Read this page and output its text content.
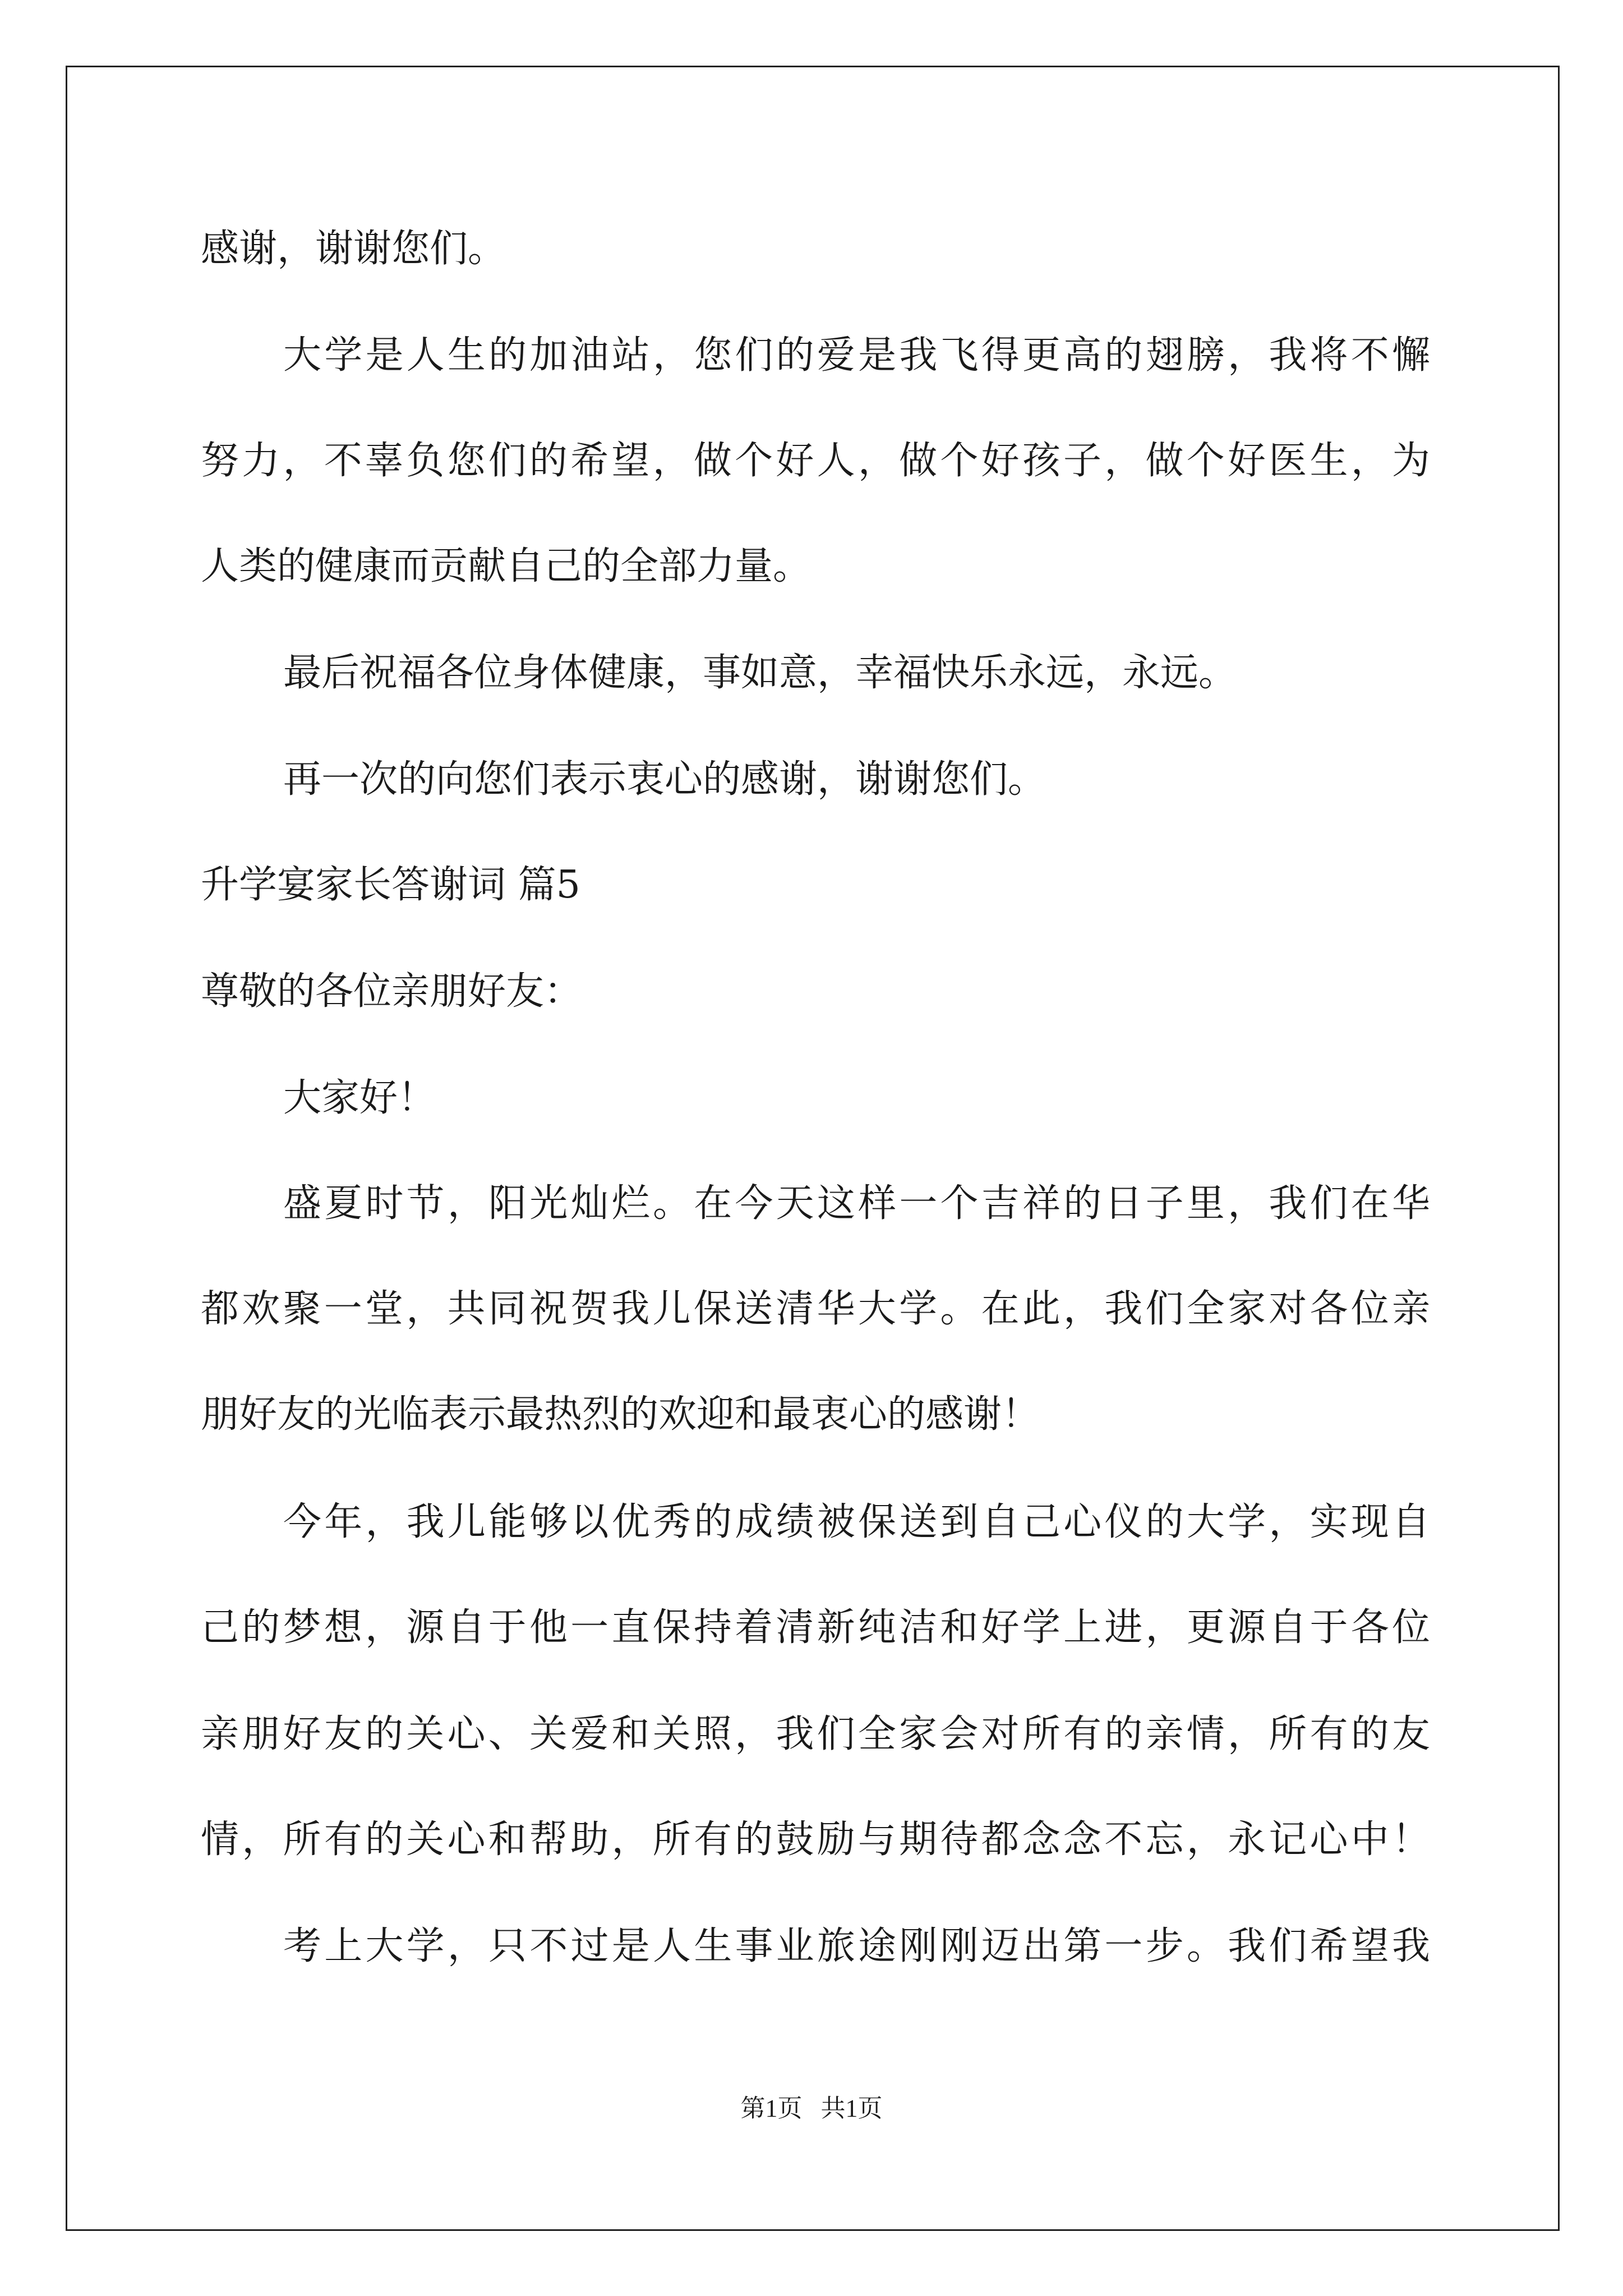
感谢，谢谢您们。
大学是人生的加油站，您们的爱是我飞得更高的翅膀，我将不懈
努力，不辜负您们的希望，做个好人，做个好孩子，做个好医生，为
人类的健康而贡献自己的全部力量。
最后祝福各位身体健康，事如意，幸福快乐永远，永远。
再一次的向您们表示衷心的感谢，谢谢您们。
升学宴家长答谢词 篇5
尊敬的各位亲朋好友：
大家好！
盛夏时节，阳光灿烂。在今天这样一个吉祥的日子里，我们在华
都欢聚一堂，共同祝贺我儿保送清华大学。在此，我们全家对各位亲
朋好友的光临表示最热烈的欢迎和最衷心的感谢！
今年，我儿能够以优秀的成绩被保送到自己心仪的大学，实现自
己的梦想，源自于他一直保持着清新纯洁和好学上进，更源自于各位
亲朋好友的关心、关爱和关照，我们全家会对所有的亲情，所有的友
情，所有的关心和帮助，所有的鼓励与期待都念念不忘，永记心中！
考上大学，只不过是人生事业旅途刚刚迈出第一步。我们希望我
第1页   共1页
